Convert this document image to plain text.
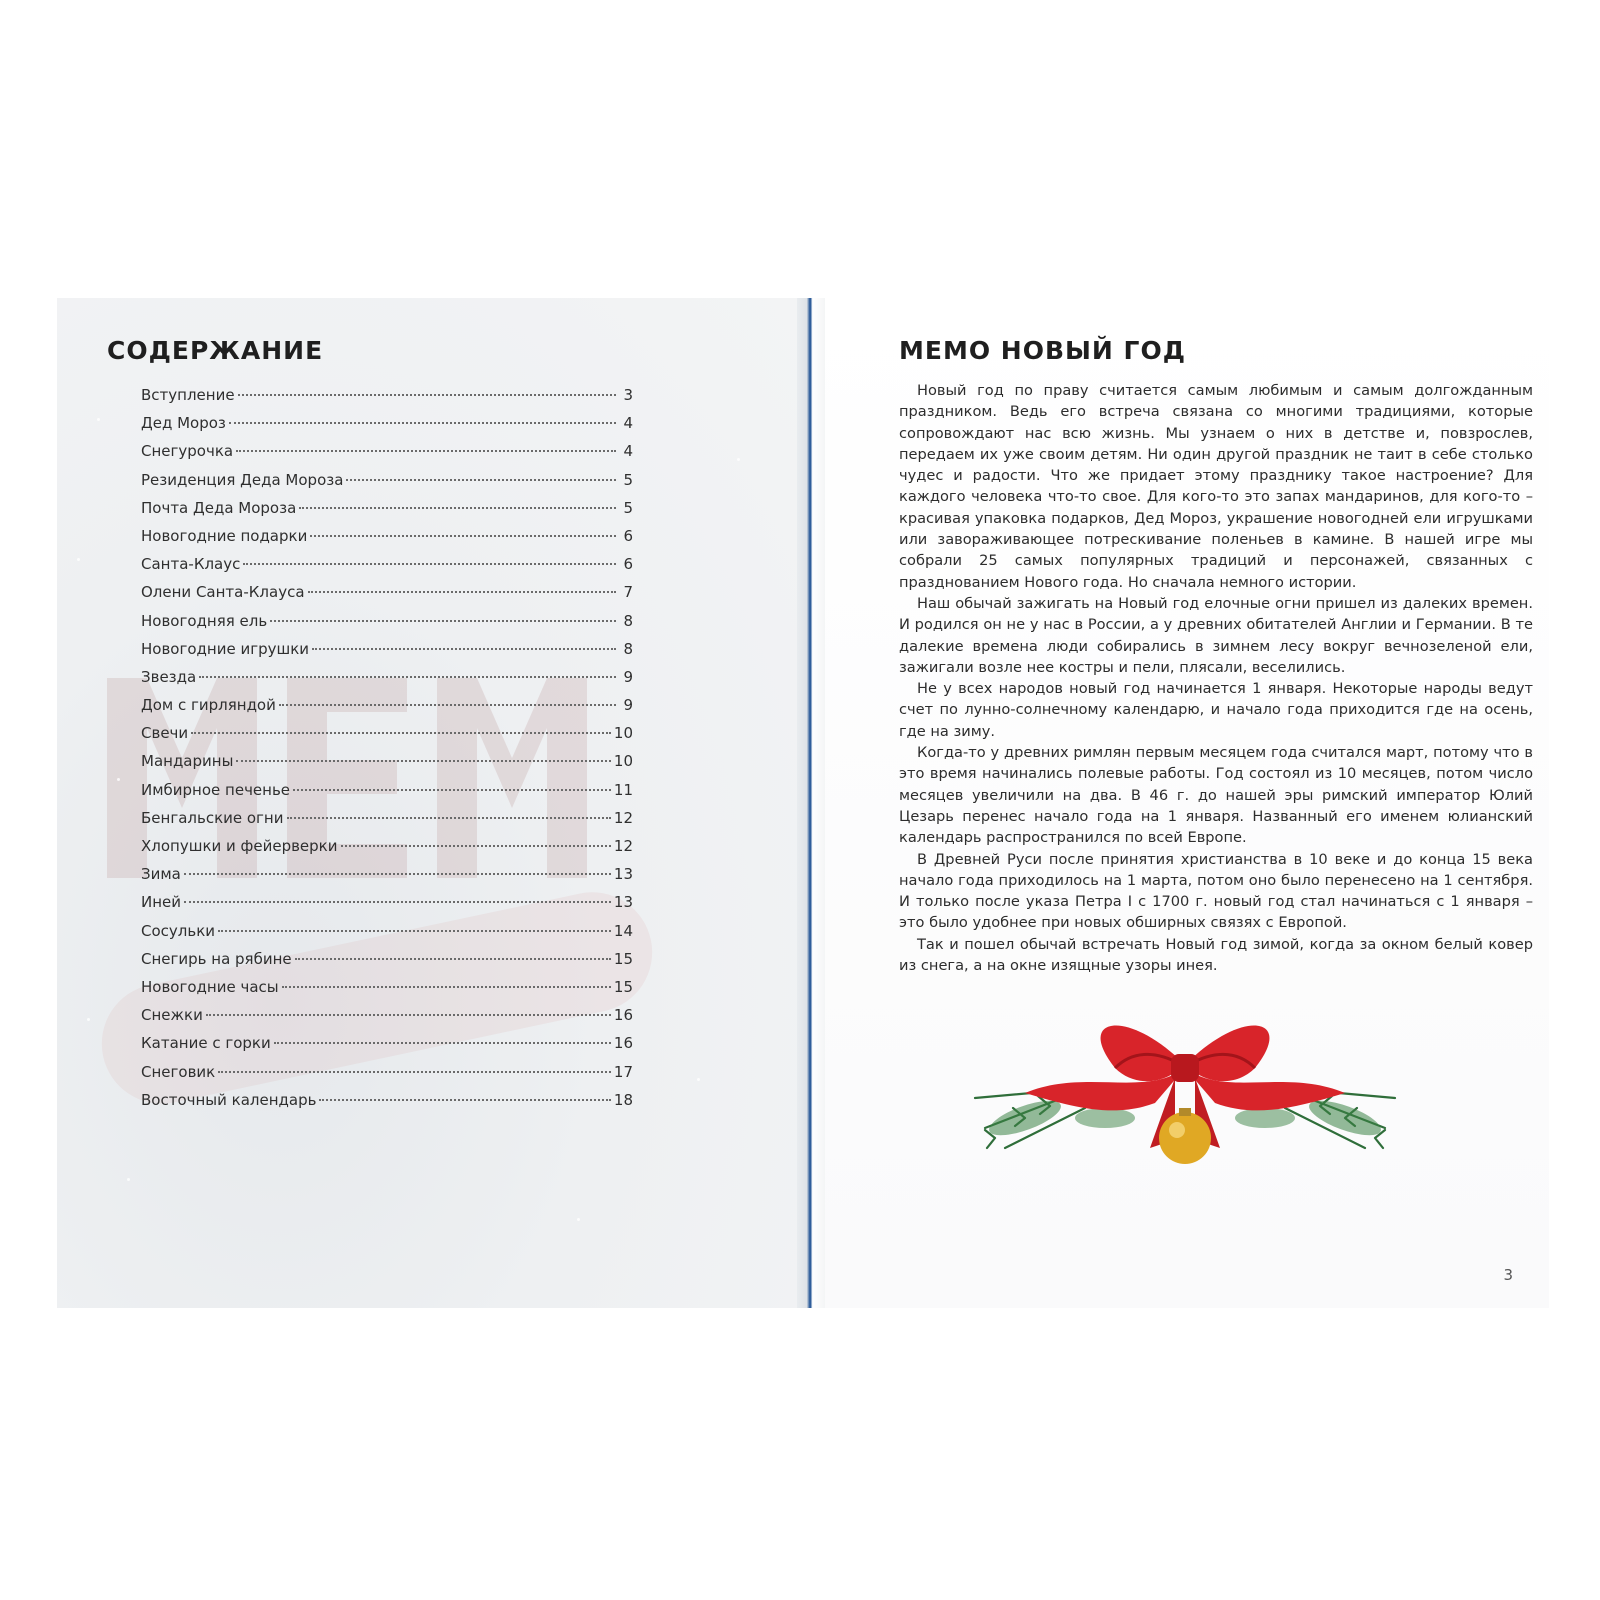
СОДЕРЖАНИЕ
Вступление	3
Дед Мороз	4
Снегурочка	4
Резиденция Деда Мороза	5
Почта Деда Мороза	5
Новогодние подарки	6
Санта-Клаус	6
Олени Санта-Клауса	7
Новогодняя ель	8
Новогодние игрушки	8
Звезда	9
Дом с гирляндой	9
Свечи	10
Мандарины	10
Имбирное печенье	11
Бенгальские огни	12
Хлопушки и фейерверки	12
Зима	13
Иней	13
Сосульки	14
Снегирь на рябине	15
Новогодние часы	15
Снежки	16
Катание с горки	16
Снеговик	17
Восточный календарь	18
МЕМО НОВЫЙ ГОД

Новый год по праву считается самым любимым и самым долгожданным праздником. Ведь его встреча связана со многими традициями, которые сопровождают нас всю жизнь. Мы узнаем о них в детстве и, повзрослев, передаем их уже своим детям. Ни один другой праздник не таит в себе столько чудес и радости. Что же придает этому празднику такое настроение? Для каждого человека что-то свое. Для кого-то это запах мандаринов, для кого-то – красивая упаковка подарков, Дед Мороз, украшение новогодней ели игрушками или завораживающее потрескивание поленьев в камине. В нашей игре мы собрали 25 самых популярных традиций и персонажей, связанных с празднованием Нового года. Но сначала немного истории.

Наш обычай зажигать на Новый год елочные огни пришел из далеких времен. И родился он не у нас в России, а у древних обитателей Англии и Германии. В те далекие времена люди собирались в зимнем лесу вокруг вечнозеленой ели, зажигали возле нее костры и пели, плясали, веселились.

Не у всех народов новый год начинается 1 января. Некоторые народы ведут счет по лунно-солнечному календарю, и начало года приходится где на осень, где на зиму.

Когда-то у древних римлян первым месяцем года считался март, потому что в это время начинались полевые работы. Год состоял из 10 месяцев, потом число месяцев увеличили на два. В 46 г. до нашей эры римский император Юлий Цезарь перенес начало года на 1 января. Названный его именем юлианский календарь распространился по всей Европе.

В Древней Руси после принятия христианства в 10 веке и до конца 15 века начало года приходилось на 1 марта, потом оно было перенесено на 1 сентября. И только после указа Петра I с 1700 г. новый год стал начинаться с 1 января – это было удобнее при новых обширных связях с Европой.

Так и пошел обычай встречать Новый год зимой, когда за окном белый ковер из снега, а на окне изящные узоры инея.

3
